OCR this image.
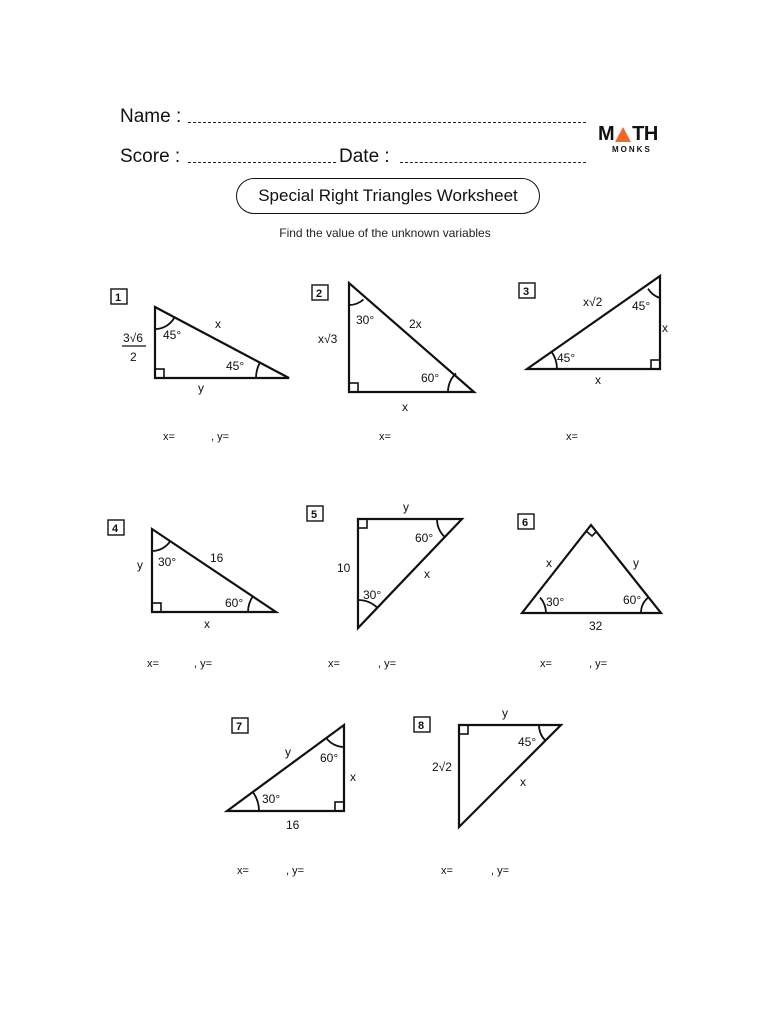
Name :
Score :	Date :
M TH
MONKS
Special Right Triangles Worksheet
Find the value of the unknown variables
1
3√6
2
45°
x
45°
y
2
30°
x√3
2x
60°
x
3
x√2 45°
x
45°
x
4
y 30°	16
60°
x
5
y
60°
10	x
30°
6
x	y
30°	60°
32
7
y 60°
x
30°
16
8
y
45°
2√2
x
x=	, y=	x=	x=
x=	, y=	x=	, y=	x=	, y=
x=	, y=	x=	, y=
